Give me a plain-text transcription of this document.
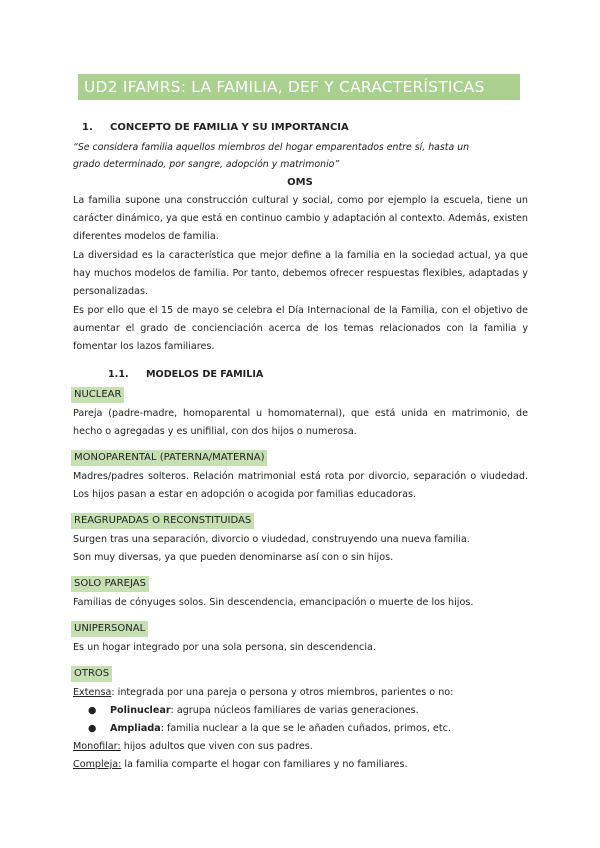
UD2 IFAMRS: LA FAMILIA, DEF Y CARACTERÍSTICAS
1. CONCEPTO DE FAMILIA Y SU IMPORTANCIA
“Se considera familia aquellos miembros del hogar emparentados entre sí, hasta un
grado determinado, por sangre, adopción y matrimonio”
OMS
La familia supone una construcción cultural y social, como por ejemplo la escuela, tiene un carácter dinámico, ya que está en continuo cambio y adaptación al contexto. Además, existen diferentes modelos de familia.
La diversidad es la característica que mejor define a la familia en la sociedad actual, ya que hay muchos modelos de familia. Por tanto, debemos ofrecer respuestas flexibles, adaptadas y personalizadas.
Es por ello que el 15 de mayo se celebra el Día Internacional de la Familia, con el objetivo de aumentar el grado de concienciación acerca de los temas relacionados con la familia y fomentar los lazos familiares.
1.1. MODELOS DE FAMILIA
NUCLEAR
Pareja (padre-madre, homoparental u homomaternal), que está unida en matrimonio, de hecho o agregadas y es unifilial, con dos hijos o numerosa.
MONOPARENTAL (PATERNA/MATERNA)
Madres/padres solteros. Relación matrimonial está rota por divorcio, separación o viudedad. Los hijos pasan a estar en adopción o acogida por familias educadoras.
REAGRUPADAS O RECONSTITUIDAS
Surgen tras una separación, divorcio o viudedad, construyendo una nueva familia.
Son muy diversas, ya que pueden denominarse así con o sin hijos.
SOLO PAREJAS
Familias de cónyuges solos. Sin descendencia, emancipación o muerte de los hijos.
UNIPERSONAL
Es un hogar integrado por una sola persona, sin descendencia.
OTROS
Extensa: integrada por una pareja o persona y otros miembros, parientes o no:
● Polinuclear: agrupa núcleos familiares de varias generaciones.
● Ampliada: familia nuclear a la que se le añaden cuñados, primos, etc.
Monofilar: hijos adultos que viven con sus padres.
Compleja: la familia comparte el hogar con familiares y no familiares.
